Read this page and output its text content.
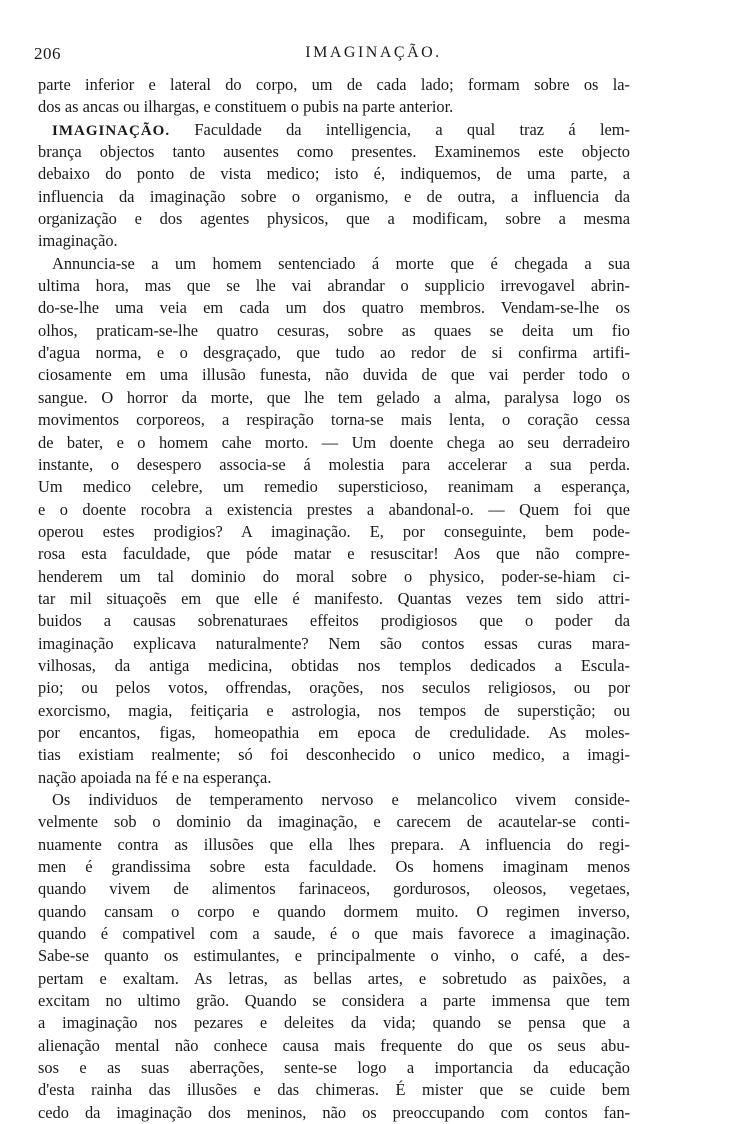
206	IMAGINAÇÃO.
parte inferior e lateral do corpo, um de cada lado; formam sobre os la-
dos as ancas ou ilhargas, e constituem o pubis na parte anterior.
IMAGINAÇÃO. Faculdade da intelligencia, a qual traz á lem-
brança objectos tanto ausentes como presentes. Examinemos este objecto
debaixo do ponto de vista medico; isto é, indiquemos, de uma parte, a
influencia da imaginação sobre o organismo, e de outra, a influencia da
organização e dos agentes physicos, que a modificam, sobre a mesma
imaginação.
Annuncia-se a um homem sentenciado á morte que é chegada a sua
ultima hora, mas que se lhe vai abrandar o supplicio irrevogavel abrin-
do-se-lhe uma veia em cada um dos quatro membros. Vendam-se-lhe os
olhos, praticam-se-lhe quatro cesuras, sobre as quaes se deita um fio
d'agua norma, e o desgraçado, que tudo ao redor de si confirma artifi-
ciosamente em uma illusão funesta, não duvida de que vai perder todo o
sangue. O horror da morte, que lhe tem gelado a alma, paralysa logo os
movimentos corporeos, a respiração torna-se mais lenta, o coração cessa
de bater, e o homem cahe morto. — Um doente chega ao seu derradeiro
instante, o desespero associa-se á molestia para accelerar a sua perda.
Um medico celebre, um remedio supersticioso, reanimam a esperança,
e o doente rocobra a existencia prestes a abandonal-o. — Quem foi que
operou estes prodigios? A imaginação. E, por conseguinte, bem pode-
rosa esta faculdade, que póde matar e resuscitar! Aos que não compre-
henderem um tal dominio do moral sobre o physico, poder-se-hiam ci-
tar mil situaçoẽs em que elle é manifesto. Quantas vezes tem sido attri-
buidos a causas sobrenaturaes effeitos prodigiosos que o poder da
imaginação explicava naturalmente? Nem são contos essas curas mara-
vilhosas, da antiga medicina, obtidas nos templos dedicados a Escula-
pio; ou pelos votos, offrendas, orações, nos seculos religiosos, ou por
exorcismo, magia, feitiçaria e astrologia, nos tempos de superstição; ou
por encantos, figas, homeopathia em epoca de credulidade. As moles-
tias existiam realmente; só foi desconhecido o unico medico, a imagi-
nação apoiada na fé e na esperança.
Os individuos de temperamento nervoso e melancolico vivem conside-
velmente sob o dominio da imaginação, e carecem de acautelar-se conti-
nuamente contra as illusões que ella lhes prepara. A influencia do regi-
men é grandissima sobre esta faculdade. Os homens imaginam menos
quando vivem de alimentos farinaceos, gordurosos, oleosos, vegetaes,
quando cansam o corpo e quando dormem muito. O regimen inverso,
quando é compativel com a saude, é o que mais favorece a imaginação.
Sabe-se quanto os estimulantes, e principalmente o vinho, o café, a des-
pertam e exaltam. As letras, as bellas artes, e sobretudo as paixões, a
excitam no ultimo grão. Quando se considera a parte immensa que tem
a imaginação nos pezares e deleites da vida; quando se pensa que a
alienação mental não conhece causa mais frequente do que os seus abu-
sos e as suas aberrações, sente-se logo a importancia da educação
d'esta rainha das illusões e das chimeras. É mister que se cuide bem
cedo da imaginação dos meninos, não os preoccupando com contos fan-
